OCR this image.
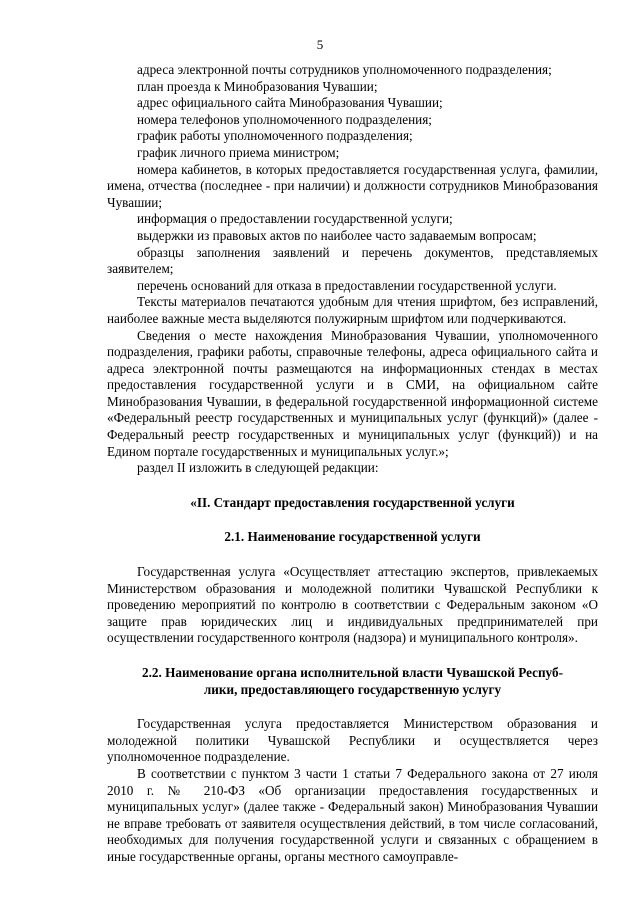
5

адреса электронной почты сотрудников уполномоченного подразделения;

план проезда к Минобразования Чувашии;

адрес официального сайта Минобразования Чувашии;

номера телефонов уполномоченного подразделения;

график работы уполномоченного подразделения;

график личного приема министром;

номера кабинетов, в которых предоставляется государственная услуга, фамилии, имена, отчества (последнее - при наличии) и должности сотрудников Минобразования Чувашии;

информация о предоставлении государственной услуги;

выдержки из правовых актов по наиболее часто задаваемым вопросам;

образцы заполнения заявлений и перечень документов, представляемых заявителем;

перечень оснований для отказа в предоставлении государственной услуги.

Тексты материалов печатаются удобным для чтения шрифтом, без исправлений, наиболее важные места выделяются полужирным шрифтом или подчеркиваются.

Сведения о месте нахождения Минобразования Чувашии, уполномоченного подразделения, графики работы, справочные телефоны, адреса официального сайта и адреса электронной почты размещаются на информационных стендах в местах предоставления государственной услуги и в СМИ, на официальном сайте Минобразования Чувашии, в федеральной государственной информационной системе «Федеральный реестр государственных и муниципальных услуг (функций)» (далее - Федеральный реестр государственных и муниципальных услуг (функций)) и на Едином портале государственных и муниципальных услуг.»;

раздел II изложить в следующей редакции:

«II. Стандарт предоставления государственной услуги
2.1. Наименование государственной услуги

Государственная услуга «Осуществляет аттестацию экспертов, привлекаемых Министерством образования и молодежной политики Чувашской Республики к проведению мероприятий по контролю в соответствии с Федеральным законом «О защите прав юридических лиц и индивидуальных предпринимателей при осуществлении государственного контроля (надзора) и муниципального контроля».

2.2. Наименование органа исполнительной власти Чувашской Респуб-
лики, предоставляющего государственную услугу

Государственная услуга предоставляется Министерством образования и молодежной политики Чувашской Республики и осуществляется через уполномоченное подразделение.

В соответствии с пунктом 3 части 1 статьи 7 Федерального закона от 27 июля 2010 г. № 210-ФЗ «Об организации предоставления государственных и муниципальных услуг» (далее также - Федеральный закон) Минобразования Чувашии не вправе требовать от заявителя осуществления действий, в том числе согласований, необходимых для получения государственной услуги и связанных с обращением в иные государственные органы, органы местного самоуправле-
